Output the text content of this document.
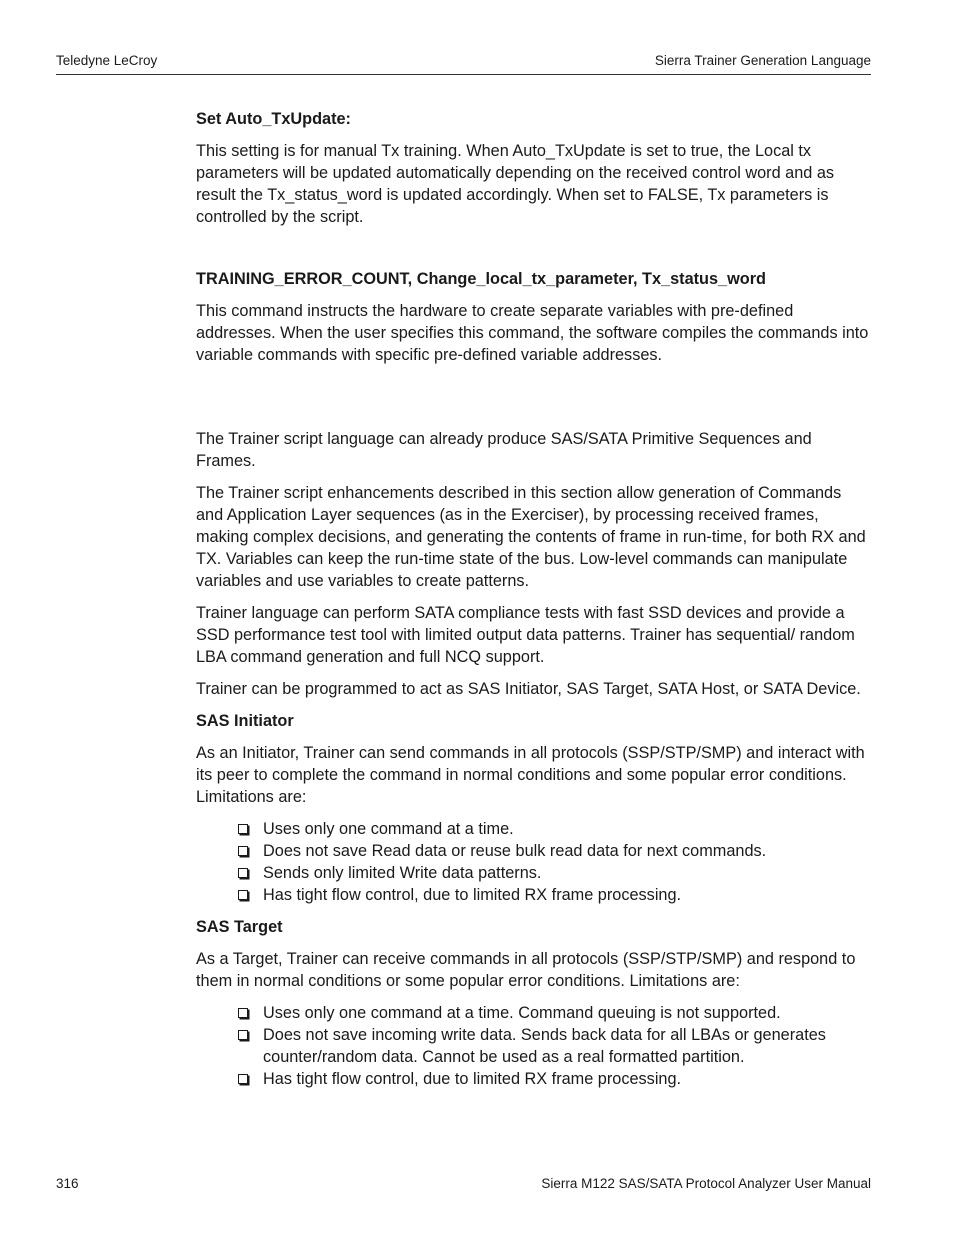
Teledyne LeCroy	Sierra Trainer Generation Language
Set Auto_TxUpdate:

This setting is for manual Tx training. When Auto_TxUpdate is set to true, the Local tx parameters will be updated automatically depending on the received control word and as result the Tx_status_word is updated accordingly. When set to FALSE, Tx parameters is controlled by the script.

TRAINING_ERROR_COUNT, Change_local_tx_parameter, Tx_status_word

This command instructs the hardware to create separate variables with pre-defined addresses. When the user specifies this command, the software compiles the commands into variable commands with specific pre-defined variable addresses.

The Trainer script language can already produce SAS/SATA Primitive Sequences and Frames.

The Trainer script enhancements described in this section allow generation of Commands and Application Layer sequences (as in the Exerciser), by processing received frames, making complex decisions, and generating the contents of frame in run-time, for both RX and TX. Variables can keep the run-time state of the bus. Low-level commands can manipulate variables and use variables to create patterns.

Trainer language can perform SATA compliance tests with fast SSD devices and provide a SSD performance test tool with limited output data patterns. Trainer has sequential/ random LBA command generation and full NCQ support.

Trainer can be programmed to act as SAS Initiator, SAS Target, SATA Host, or SATA Device.

SAS Initiator

As an Initiator, Trainer can send commands in all protocols (SSP/STP/SMP) and interact with its peer to complete the command in normal conditions and some popular error conditions. Limitations are:

Uses only one command at a time.
Does not save Read data or reuse bulk read data for next commands.
Sends only limited Write data patterns.
Has tight flow control, due to limited RX frame processing.
SAS Target

As a Target, Trainer can receive commands in all protocols (SSP/STP/SMP) and respond to them in normal conditions or some popular error conditions. Limitations are:

Uses only one command at a time. Command queuing is not supported.
Does not save incoming write data. Sends back data for all LBAs or generates counter/random data. Cannot be used as a real formatted partition.
Has tight flow control, due to limited RX frame processing.
316	Sierra M122 SAS/SATA Protocol Analyzer User Manual
